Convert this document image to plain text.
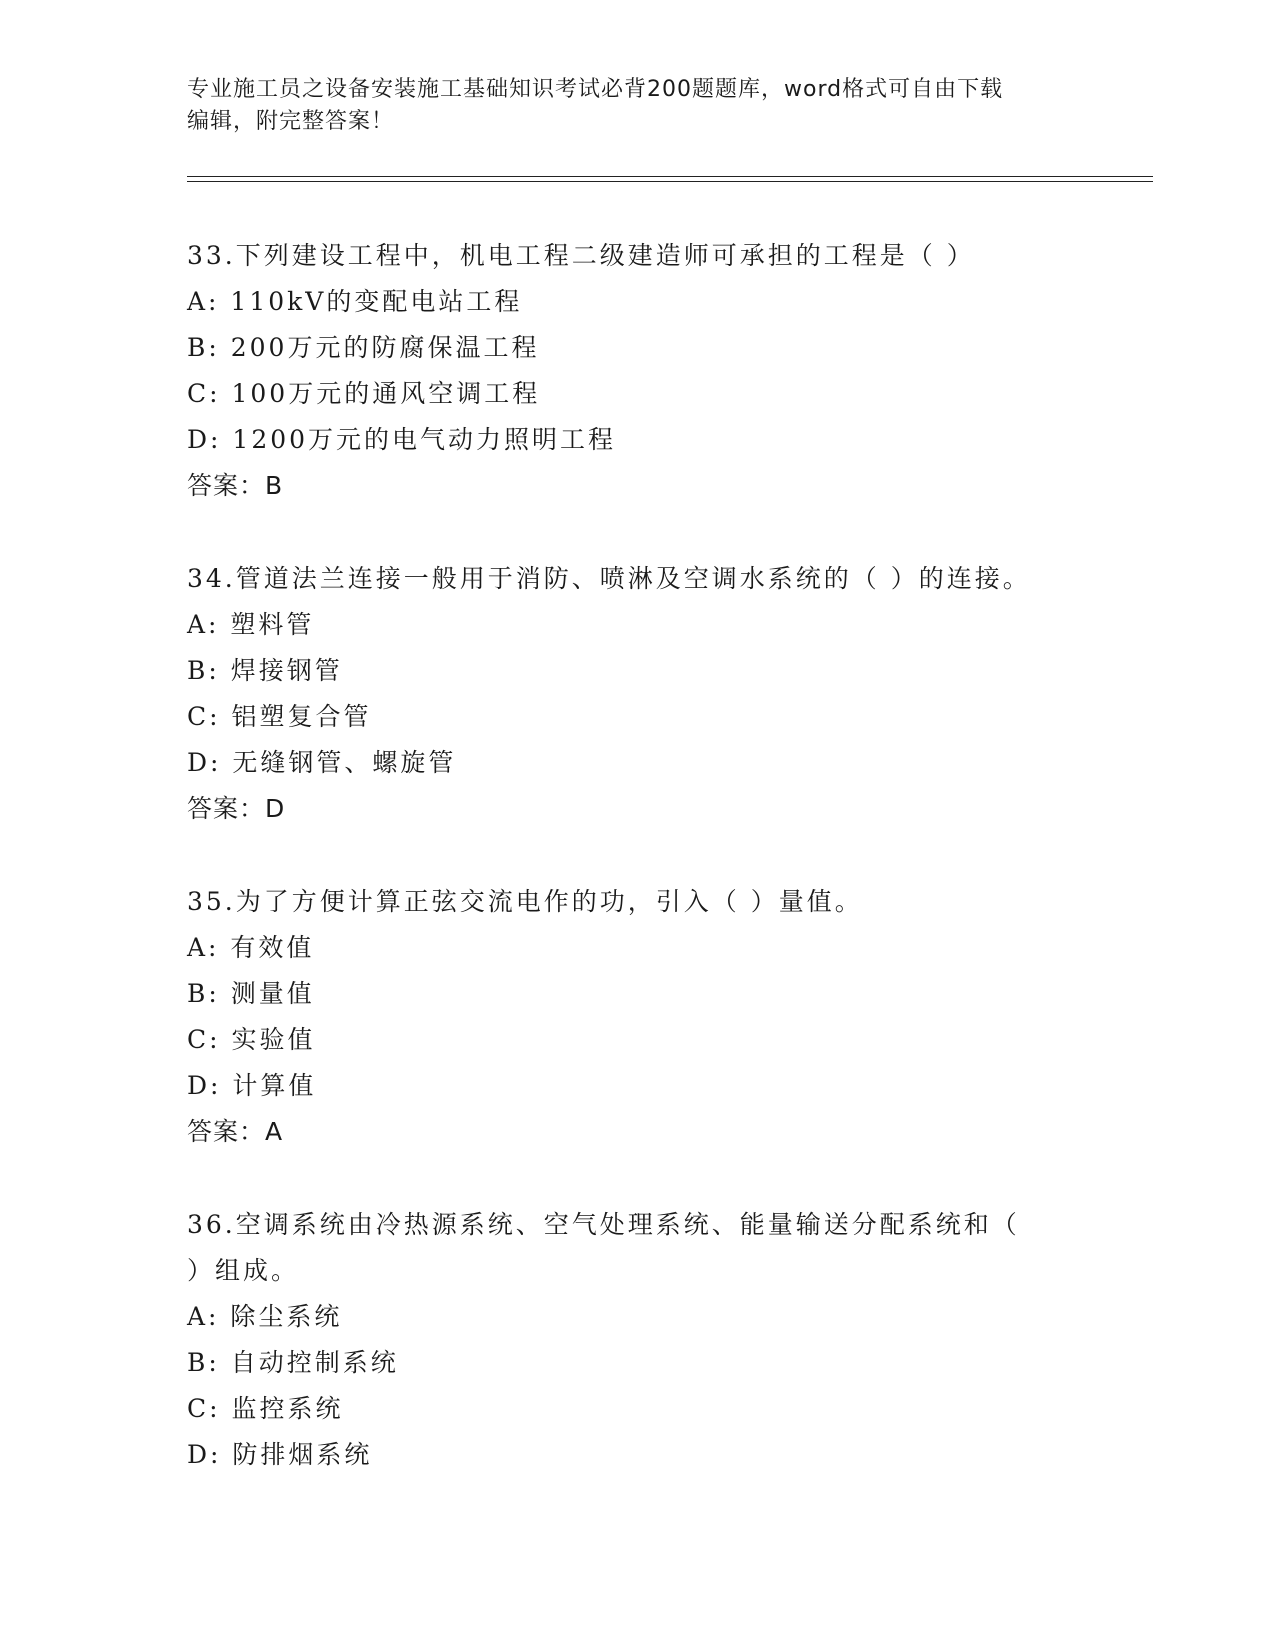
专业施工员之设备安装施工基础知识考试必背200题题库，word格式可自由下载
编辑，附完整答案！
33.下列建设工程中，机电工程二级建造师可承担的工程是（ ）
A: 110kV的变配电站工程
B: 200万元的防腐保温工程
C: 100万元的通风空调工程
D: 1200万元的电气动力照明工程
答案：B
34.管道法兰连接一般用于消防、喷淋及空调水系统的（ ）的连接。
A: 塑料管
B: 焊接钢管
C: 铝塑复合管
D: 无缝钢管、螺旋管
答案：D
35.为了方便计算正弦交流电作的功，引入（ ）量值。
A: 有效值
B: 测量值
C: 实验值
D: 计算值
答案：A
36.空调系统由冷热源系统、空气处理系统、能量输送分配系统和（
）组成。
A: 除尘系统
B: 自动控制系统
C: 监控系统
D: 防排烟系统
